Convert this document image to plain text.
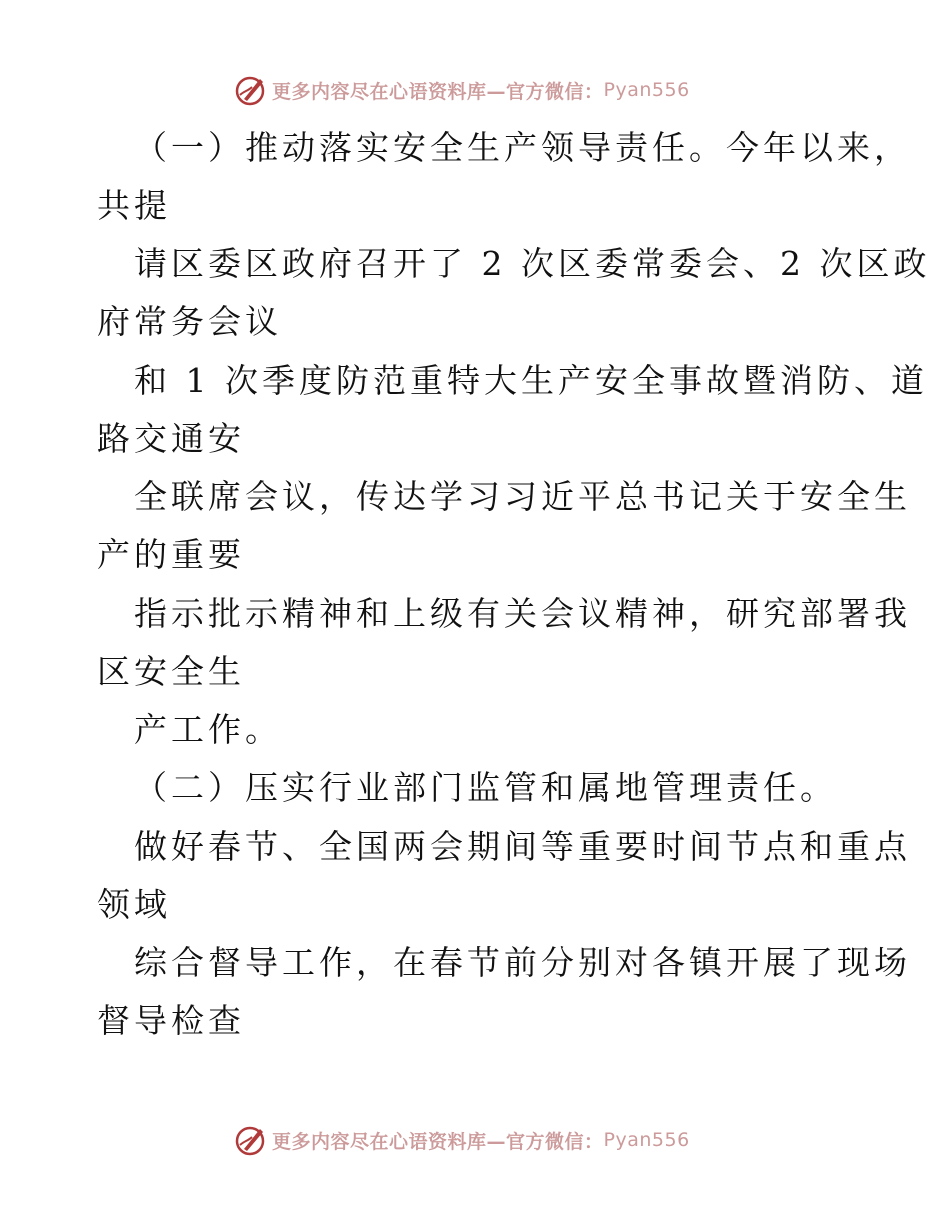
更多内容尽在心语资料库—官方微信： Pyan556
（一）推动落实安全生产领导责任。今年以来，
共提
请区委区政府召开了 2 次区委常委会、2 次区政
府常务会议
和 1 次季度防范重特大生产安全事故暨消防、道
路交通安
全联席会议，传达学习习近平总书记关于安全生
产的重要
指示批示精神和上级有关会议精神，研究部署我
区安全生
产工作。
（二）压实行业部门监管和属地管理责任。
做好春节、全国两会期间等重要时间节点和重点
领域
综合督导工作，在春节前分别对各镇开展了现场
督导检查
更多内容尽在心语资料库—官方微信： Pyan556
